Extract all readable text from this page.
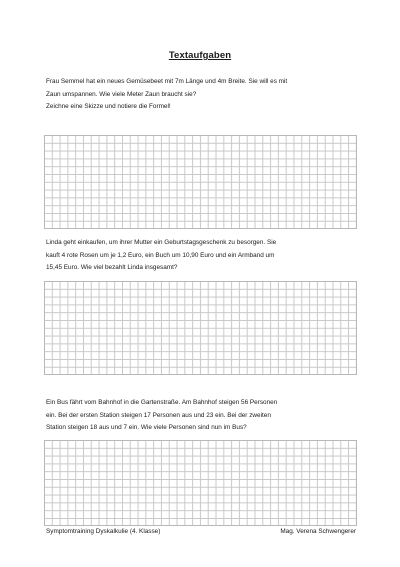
Textaufgaben

Frau Semmel hat ein neues Gemüsebeet mit 7m Länge und 4m Breite. Sie will es mit

Zaun umspannen. Wie viele Meter Zaun braucht sie?

Zeichne eine Skizze und notiere die Formel!

Linda geht einkaufen, um ihrer Mutter ein Geburtstagsgeschenk zu besorgen. Sie

kauft 4 rote Rosen um je 1,2 Euro, ein Buch um 10,90 Euro und ein Armband um

15,45 Euro. Wie viel bezahlt Linda insgesamt?

Ein Bus fährt vom Bahnhof in die Gartenstraße. Am Bahnhof steigen 56 Personen

ein. Bei der ersten Station steigen 17 Personen aus und 23 ein. Bei der zweiten

Station steigen 18 aus und 7 ein. Wie viele Personen sind nun im Bus?

Symptomtraining Dyskalkulie (4. Klasse)	Mag. Verena Schwengerer
